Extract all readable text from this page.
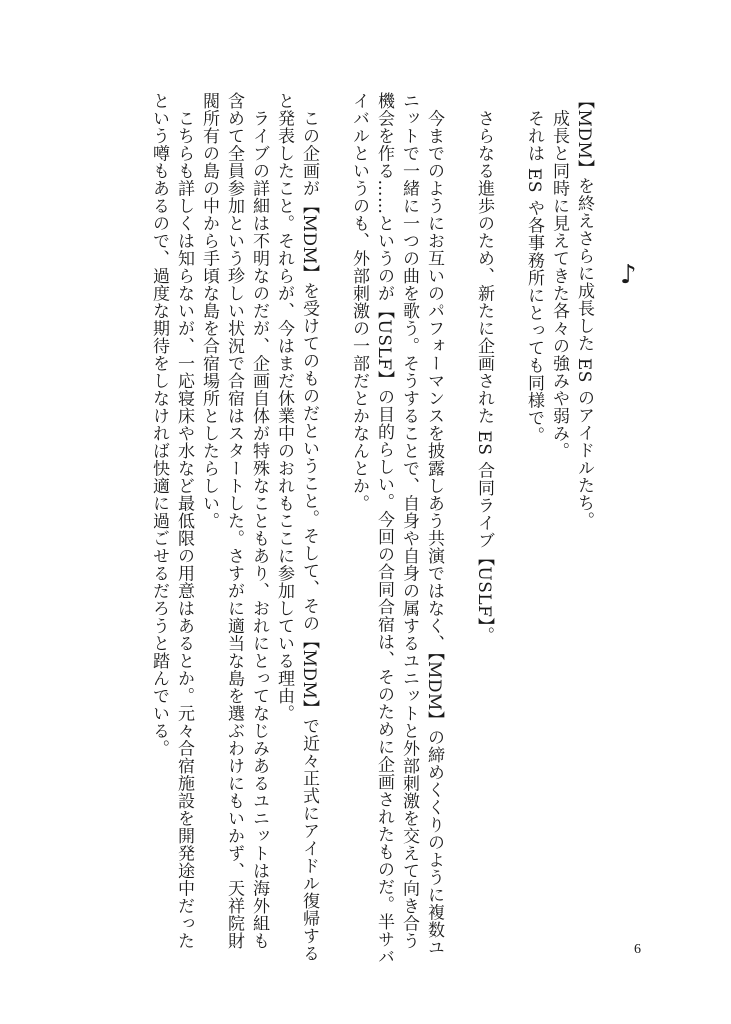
♪
【MDM】を終えさらに成長した ES のアイドルたち。
　成長と同時に見えてきた各々の強みや弱み。
　それは ES や各事務所にとっても同様で。
　さらなる進歩のため、新たに企画された ES 合同ライブ【USLF】。
　今までのようにお互いのパフォーマンスを披露しあう共演ではなく、【MDM】の締めくくりのように複数ユ
ニットで一緒に一つの曲を歌う。そうすることで、自身や自身の属するユニットと外部刺激を交えて向き合う
機会を作る……というのが【USLF】の目的らしい。今回の合同合宿は、そのために企画されたものだ。半サバ
イバルというのも、外部刺激の一部だとかなんとか。
　この企画が【MDM】を受けてのものだということ。そして、その【MDM】で近々正式にアイドル復帰する
と発表したこと。それらが、今はまだ休業中のおれもここに参加している理由。
　ライブの詳細は不明なのだが、企画自体が特殊なこともあり、おれにとってなじみあるユニットは海外組も
含めて全員参加という珍しい状況で合宿はスタートした。さすがに適当な島を選ぶわけにもいかず、天祥院財
閥所有の島の中から手頃な島を合宿場所としたらしい。
　こちらも詳しくは知らないが、一応寝床や水など最低限の用意はあるとか。元々合宿施設を開発途中だった
という噂もあるので、過度な期待をしなければ快適に過ごせるだろうと踏んでいる。
6
